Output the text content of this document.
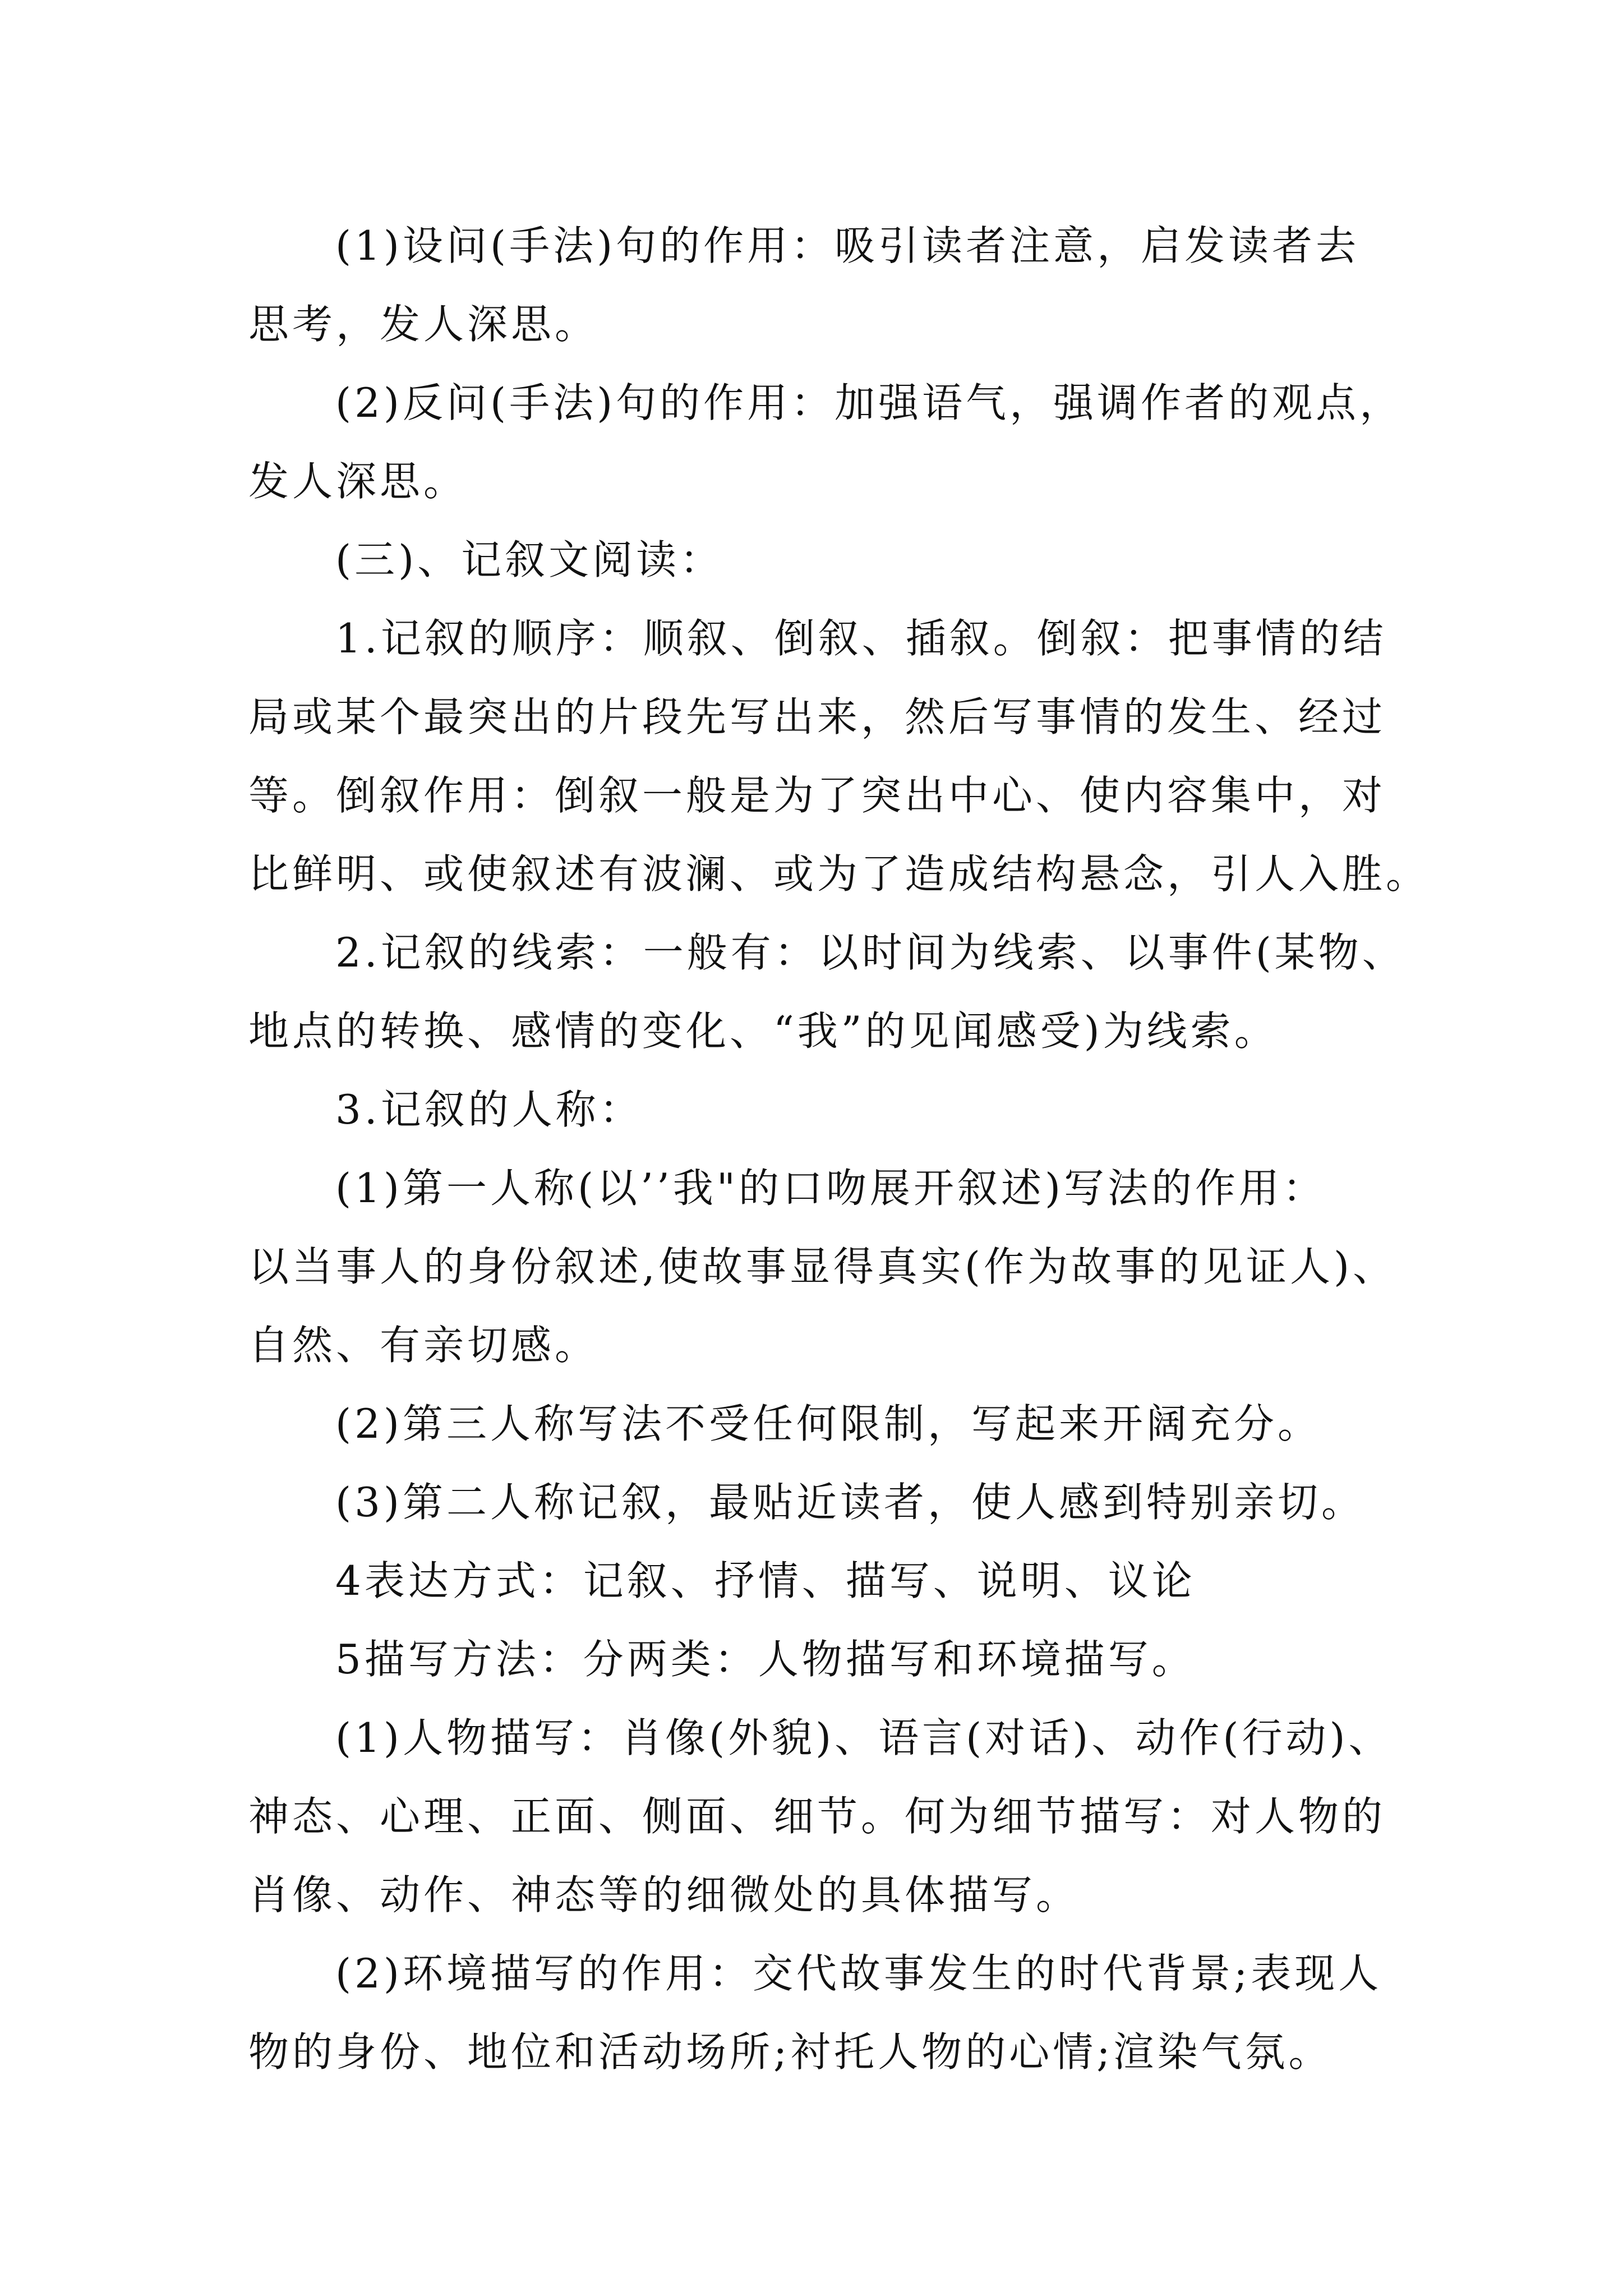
(1)设问(手法)句的作用：吸引读者注意，启发读者去
思考，发人深思。
(2)反问(手法)句的作用：加强语气，强调作者的观点，
发人深思。
(三)、记叙文阅读：
1.记叙的顺序：顺叙、倒叙、插叙。倒叙：把事情的结
局或某个最突出的片段先写出来，然后写事情的发生、经过
等。倒叙作用：倒叙一般是为了突出中心、使内容集中，对
比鲜明、或使叙述有波澜、或为了造成结构悬念，引人入胜。
2.记叙的线索：一般有：以时间为线索、以事件(某物、
地点的转换、感情的变化、“我”的见闻感受)为线索。
3.记叙的人称：
(1)第一人称(以’’我"的口吻展开叙述)写法的作用：
以当事人的身份叙述,使故事显得真实(作为故事的见证人)、
自然、有亲切感。
(2)第三人称写法不受任何限制，写起来开阔充分。
(3)第二人称记叙，最贴近读者，使人感到特别亲切。
4表达方式：记叙、抒情、描写、说明、议论
5描写方法：分两类：人物描写和环境描写。
(1)人物描写：肖像(外貌)、语言(对话)、动作(行动)、
神态、心理、正面、侧面、细节。何为细节描写：对人物的
肖像、动作、神态等的细微处的具体描写。
(2)环境描写的作用：交代故事发生的时代背景;表现人
物的身份、地位和活动场所;衬托人物的心情;渲染气氛。
